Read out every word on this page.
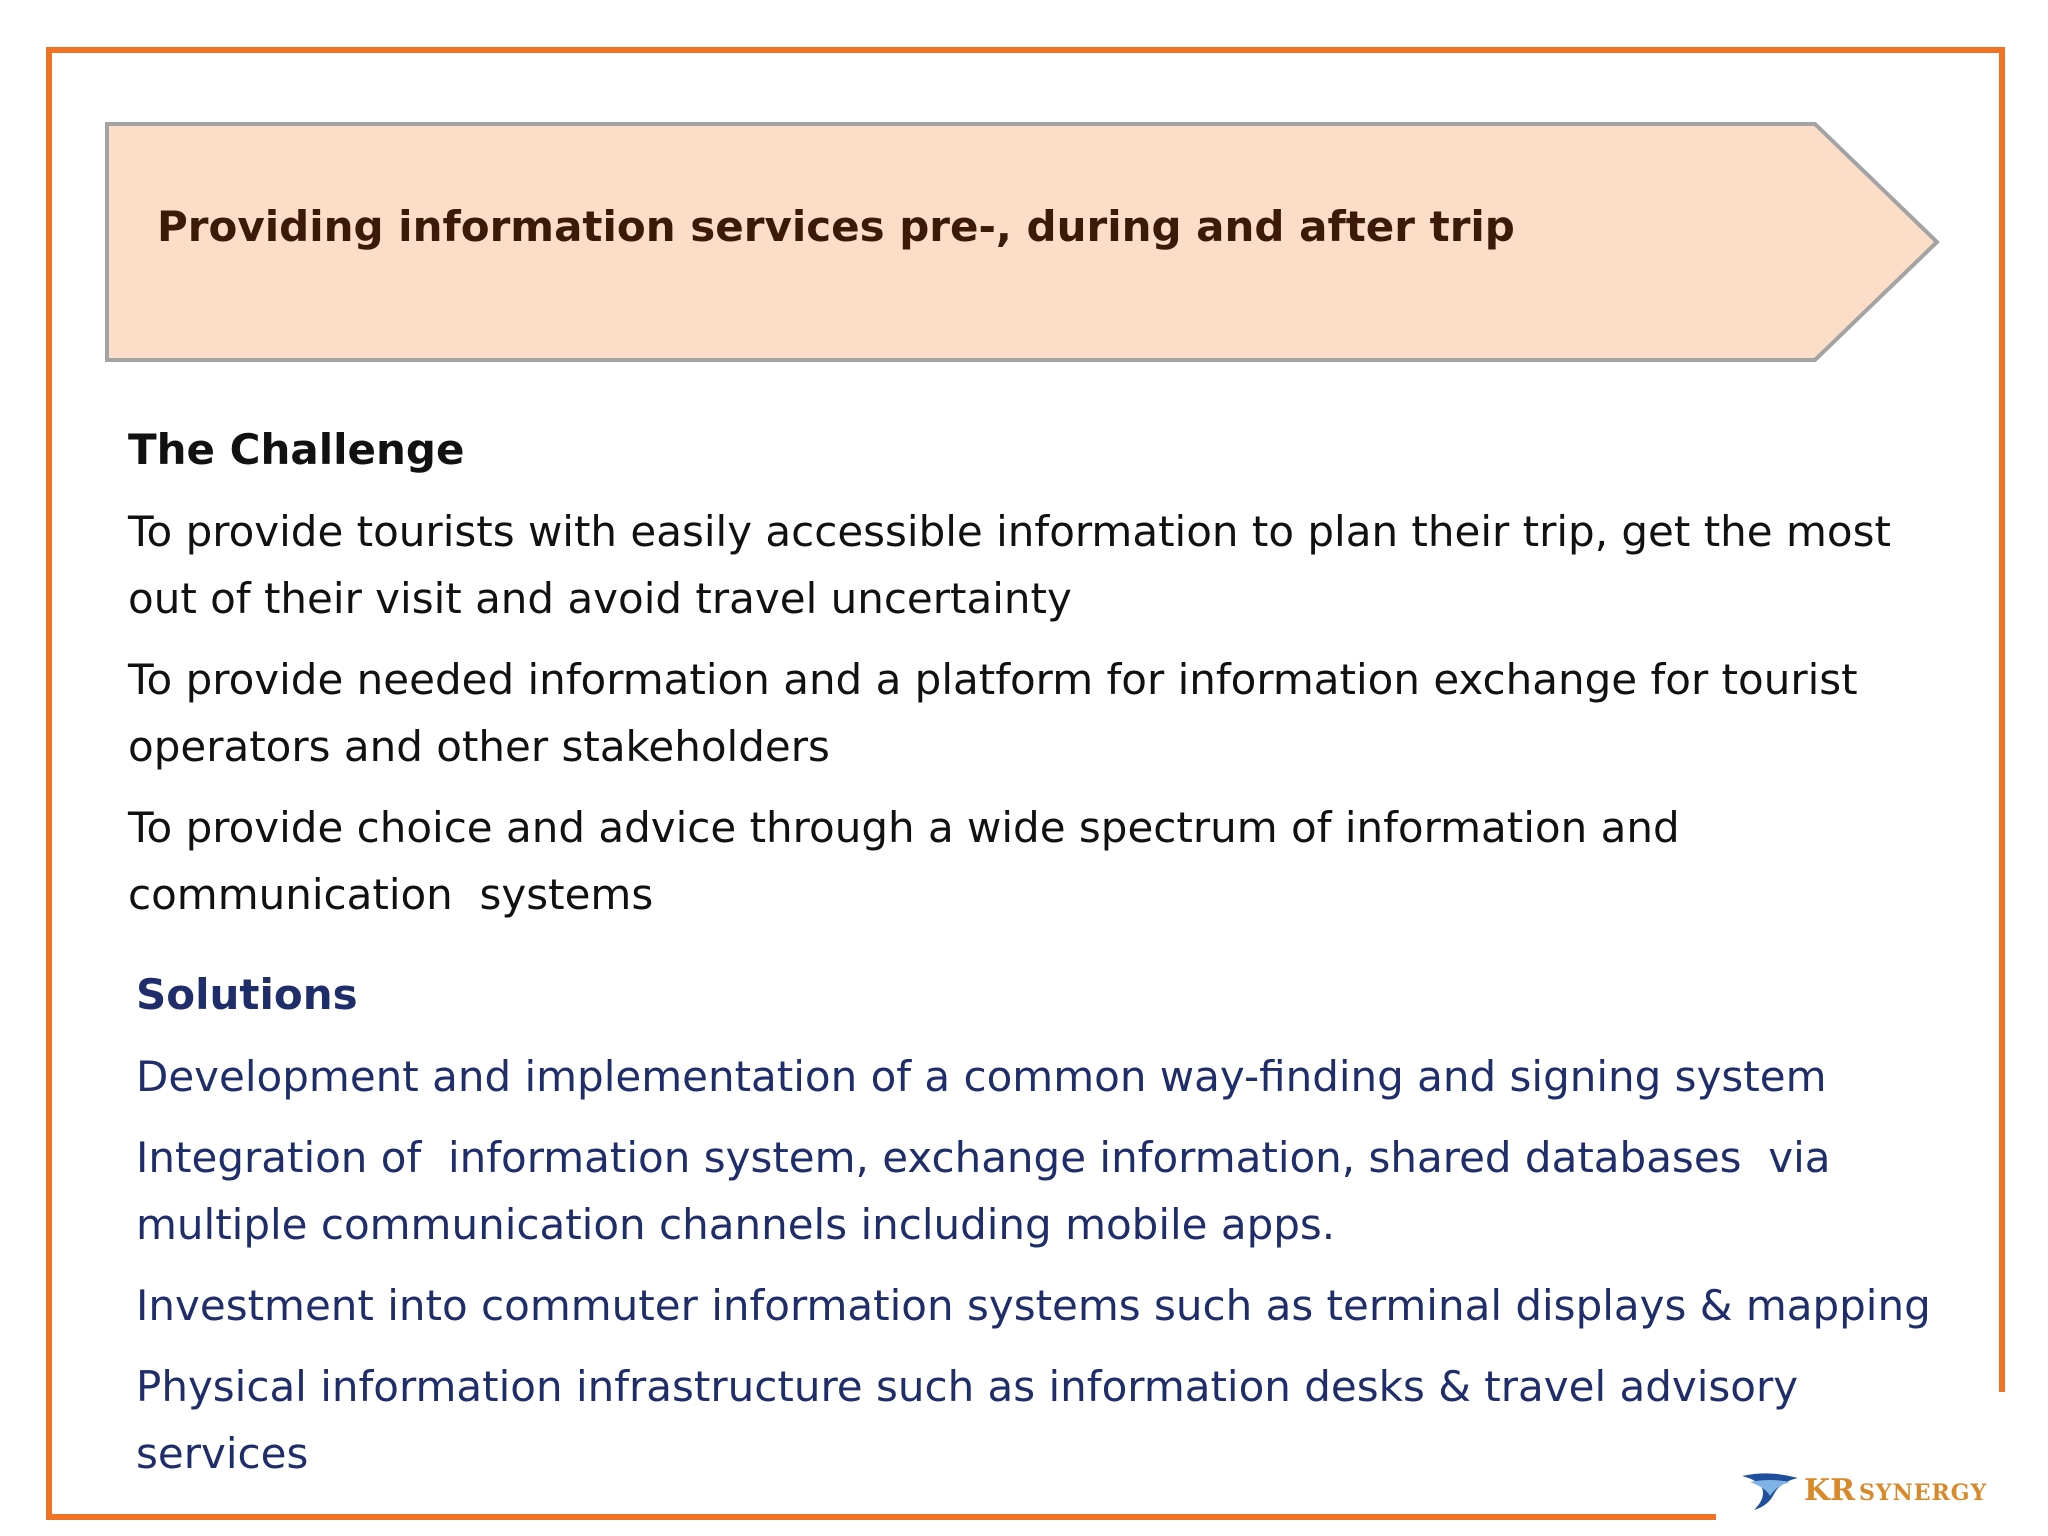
Providing information services pre-, during and after trip
The Challenge
To provide tourists with easily accessible information to plan their trip, get the most out of their visit and avoid travel uncertainty
To provide needed information and a platform for information exchange for tourist operators and other stakeholders
To provide choice and advice through a wide spectrum of information and communication  systems
Solutions
Development and implementation of a common way-finding and signing system
Integration of  information system, exchange information, shared databases  via multiple communication channels including mobile apps.
Investment into commuter information systems such as terminal displays & mapping
Physical information infrastructure such as information desks & travel advisory services
KR SYNERGY
